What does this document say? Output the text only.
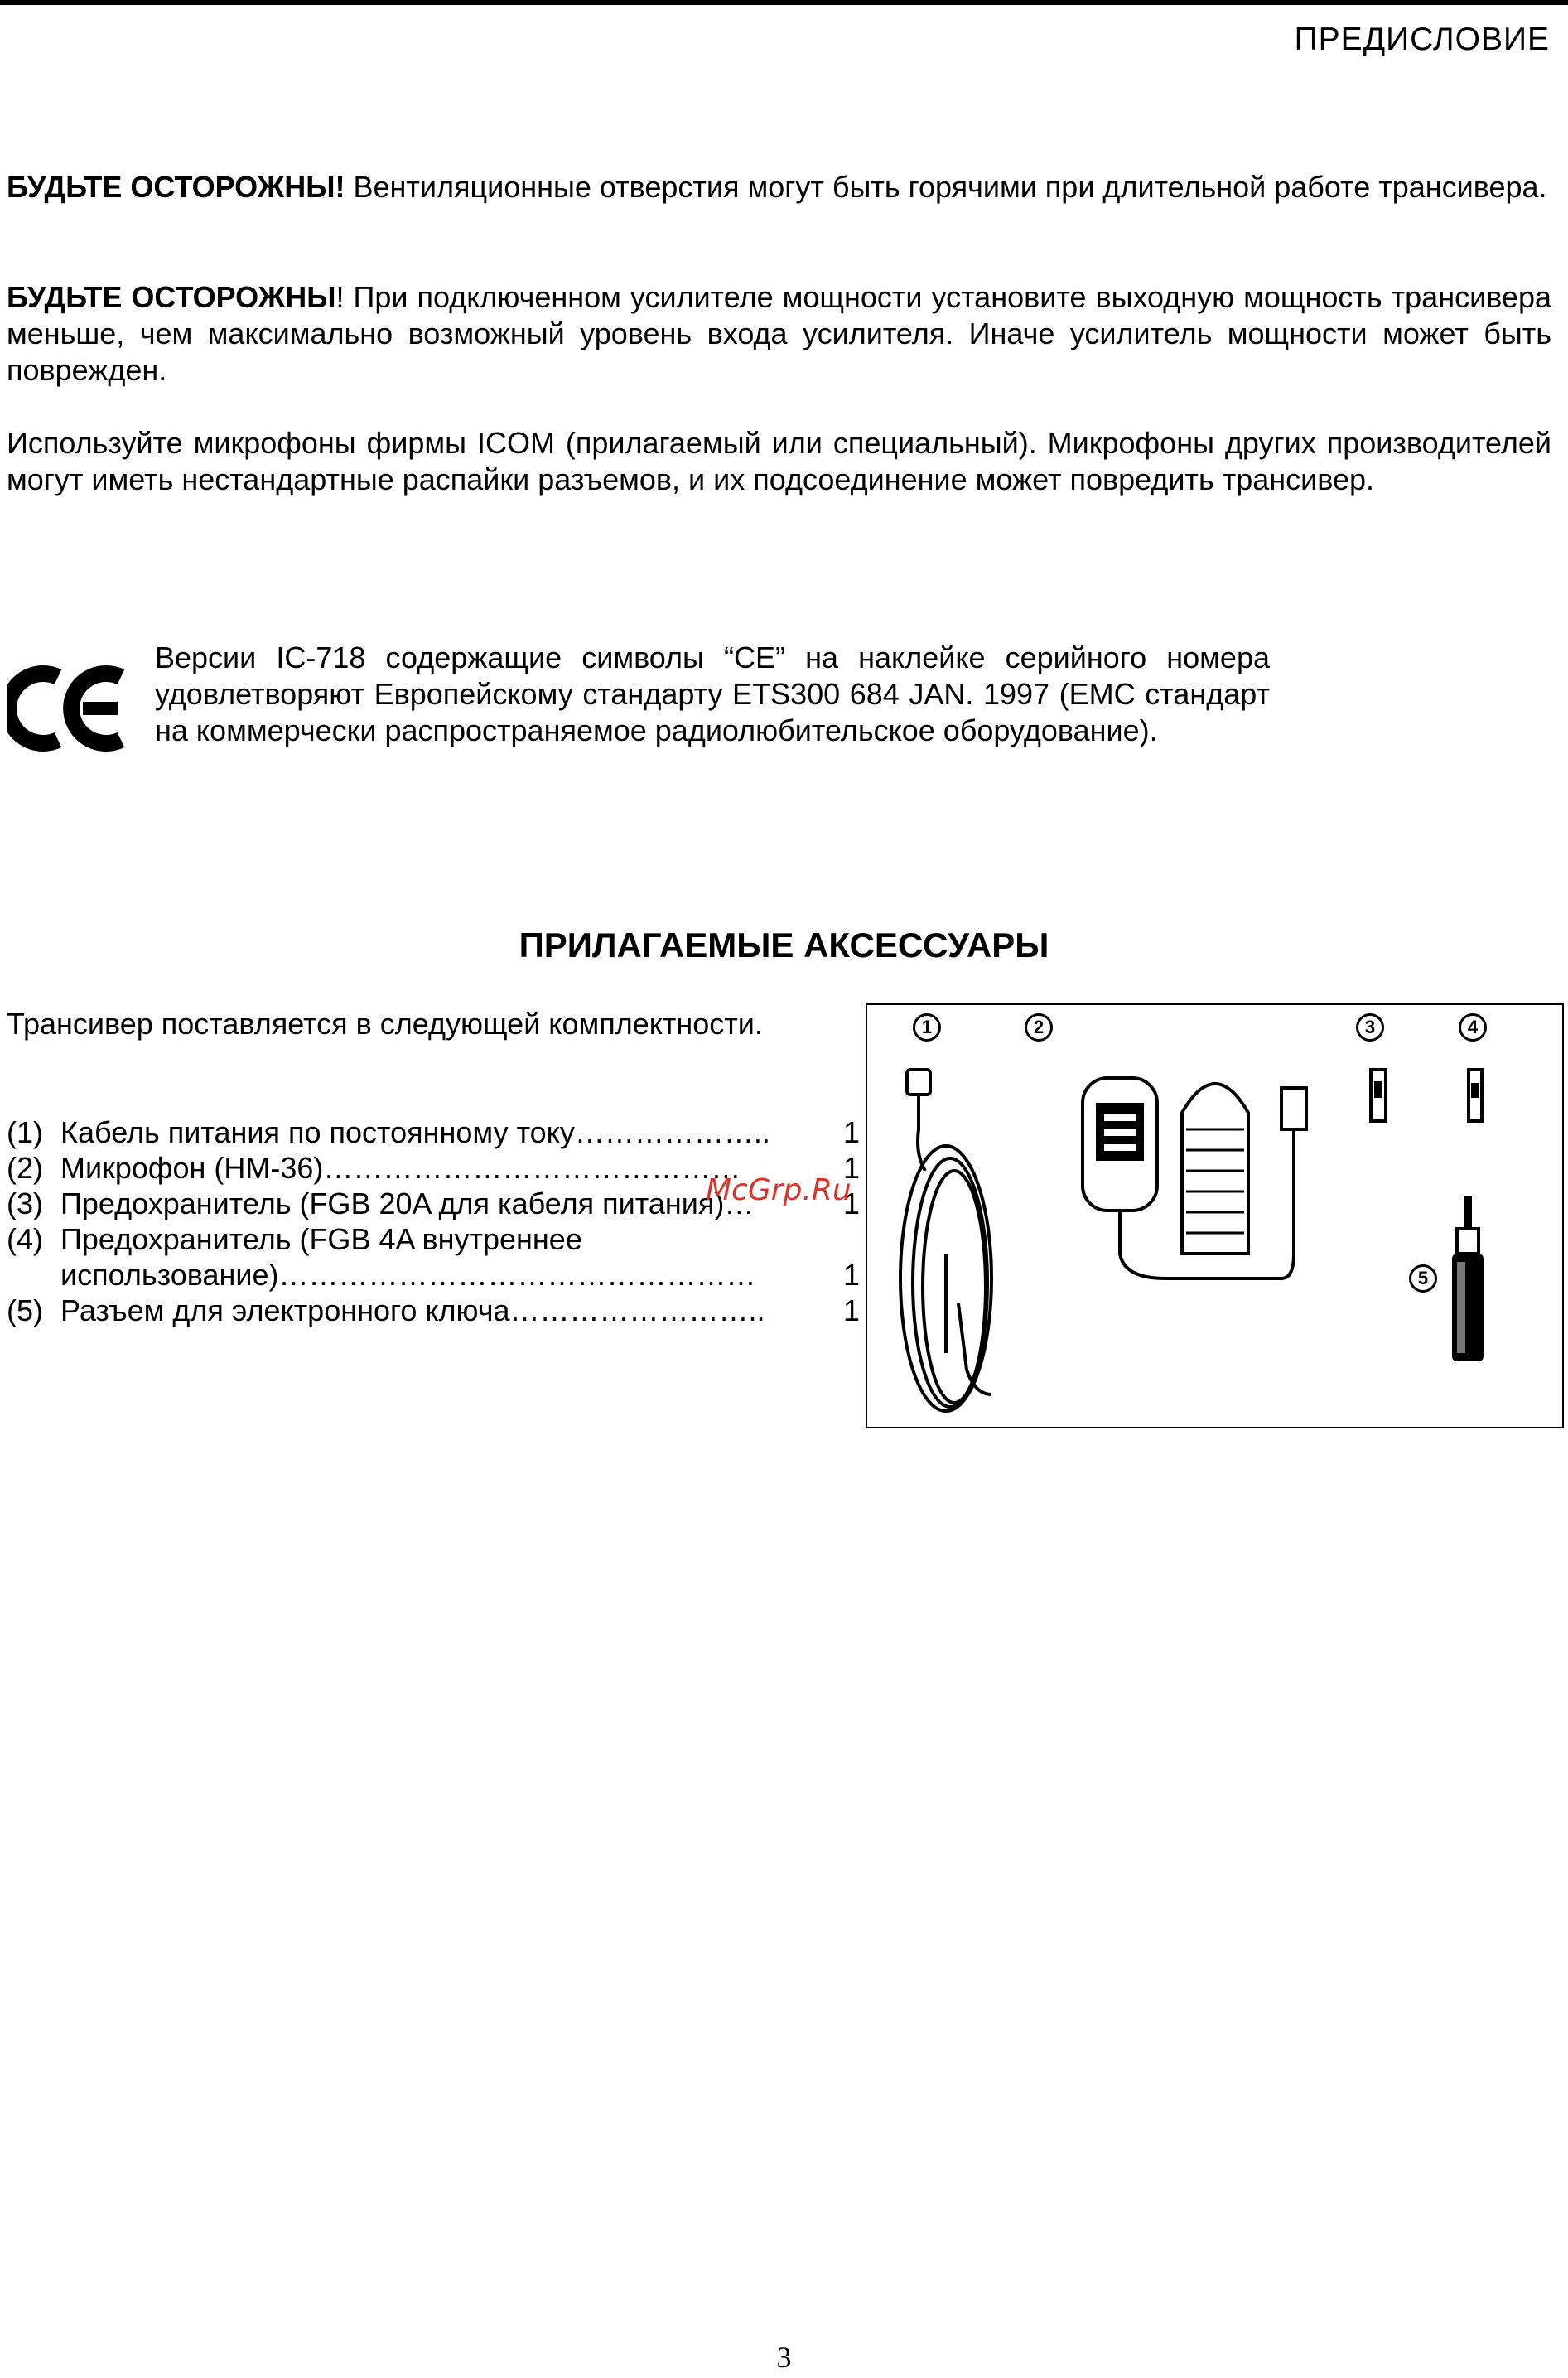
ПРЕДИСЛОВИЕ

БУДЬТЕ ОСТОРОЖНЫ! Вентиляционные отверстия могут быть горячими при длительной работе трансивера.

БУДЬТЕ ОСТОРОЖНЫ! При подключенном усилителе мощности установите выходную мощность трансивера меньше, чем максимально возможный уровень входа усилителя. Иначе усилитель мощности может быть поврежден.

Используйте микрофоны фирмы ICOM (прилагаемый или специальный). Микрофоны других производителей могут иметь нестандартные распайки разъемов, и их подсоединение может повредить трансивер.

Версии IC-718 содержащие символы “CE” на наклейке серийного номера удовлетворяют Европейскому стандарту ETS300 684 JAN. 1997 (EMC стандарт на коммерчески распространяемое радиолюбительское оборудование).

ПРИЛАГАЕМЫЕ АКСЕССУАРЫ
Трансивер поставляется в следующей комплектности.
(1) Кабель питания по постоянному току………………..	1
(2) Микрофон (HM-36)……………………………………	1
(3) Предохранитель (FGB 20A для кабеля питания)…	1
(4) Предохранитель (FGB 4A внутреннее
использование)…………………………………………	1
(5) Разъем для электронного ключа……………………..	1
McGrp.Ru
1	2	3	4
5
3
